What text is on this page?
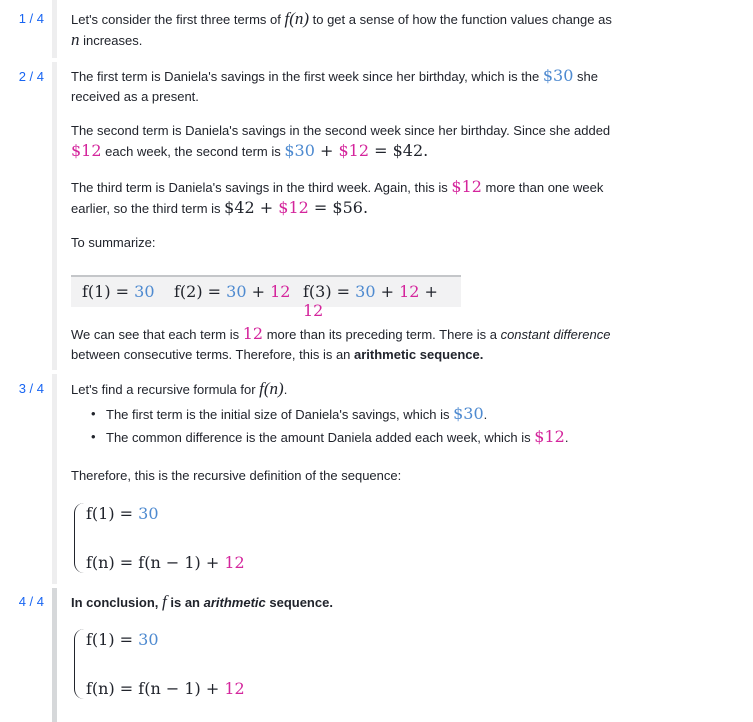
1 / 4
2 / 4
3 / 4
4 / 4
Let's consider the first three terms of f(n) to get a sense of how the function values change as
n increases.
The first term is Daniela's savings in the first week since her birthday, which is the $30 she
received as a present.
The second term is Daniela's savings in the second week since her birthday. Since she added
$12 each week, the second term is $30 + $12 = $42.
The third term is Daniela's savings in the third week. Again, this is $12 more than one week
earlier, so the third term is $42 + $12 = $56.
To summarize:
f(1) = 30 f(2) = 30 + 12 f(3) = 30 + 12 + 12
We can see that each term is 12 more than its preceding term. There is a constant difference
between consecutive terms. Therefore, this is an arithmetic sequence.
Let's find a recursive formula for f(n).
• The first term is the initial size of Daniela's savings, which is $30.
• The common difference is the amount Daniela added each week, which is $12.
Therefore, this is the recursive definition of the sequence:
f(1) = 30
f(n) = f(n − 1) + 12
In conclusion, f is an arithmetic sequence.
f(1) = 30
f(n) = f(n − 1) + 12
